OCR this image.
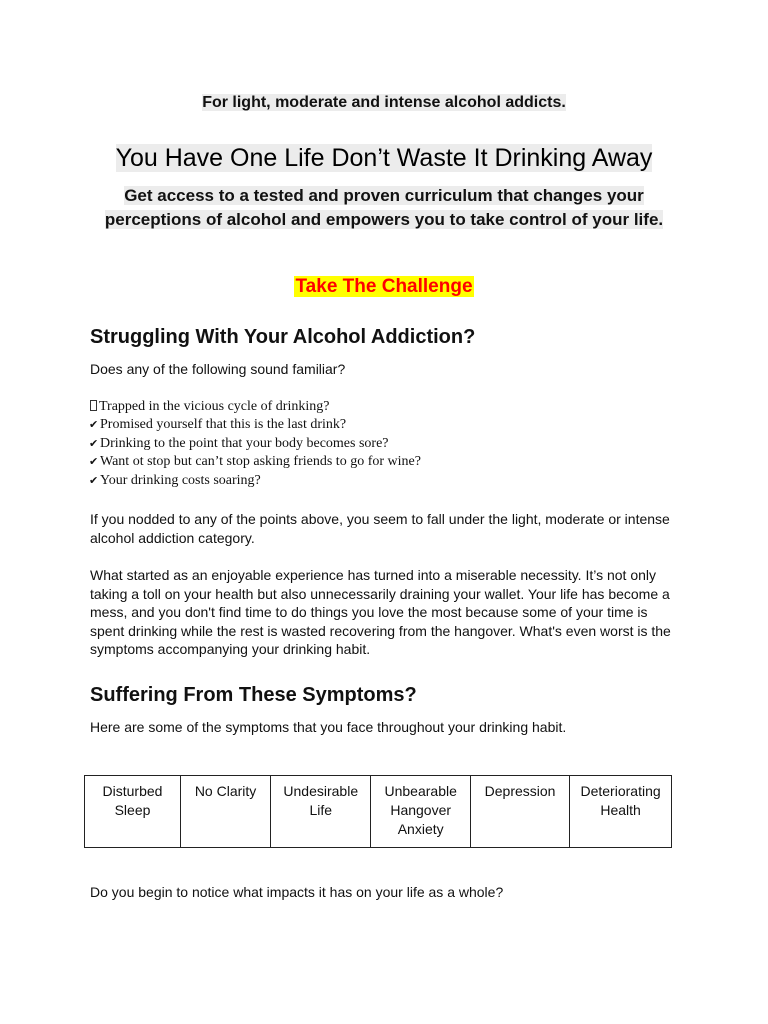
For light, moderate and intense alcohol addicts.
You Have One Life Don’t Waste It Drinking Away
Get access to a tested and proven curriculum that changes your
perceptions of alcohol and empowers you to take control of your life.
Take The Challenge
Struggling With Your Alcohol Addiction?

Does any of the following sound familiar?

Trapped in the vicious cycle of drinking?
✔ Promised yourself that this is the last drink?
✔ Drinking to the point that your body becomes sore?
✔ Want ot stop but can’t stop asking friends to go for wine?
✔ Your drinking costs soaring?

If you nodded to any of the points above, you seem to fall under the light, moderate or intense alcohol addiction category.

What started as an enjoyable experience has turned into a miserable necessity. It’s not only taking a toll on your health but also unnecessarily draining your wallet. Your life has become a mess, and you don't find time to do things you love the most because some of your time is spent drinking while the rest is wasted recovering from the hangover. What's even worst is the symptoms accompanying your drinking habit.

Suffering From These Symptoms?

Here are some of the symptoms that you face throughout your drinking habit.

Disturbed Sleep	No Clarity	Undesirable Life	Unbearable Hangover Anxiety	Depression	Deteriorating Health

Do you begin to notice what impacts it has on your life as a whole?
